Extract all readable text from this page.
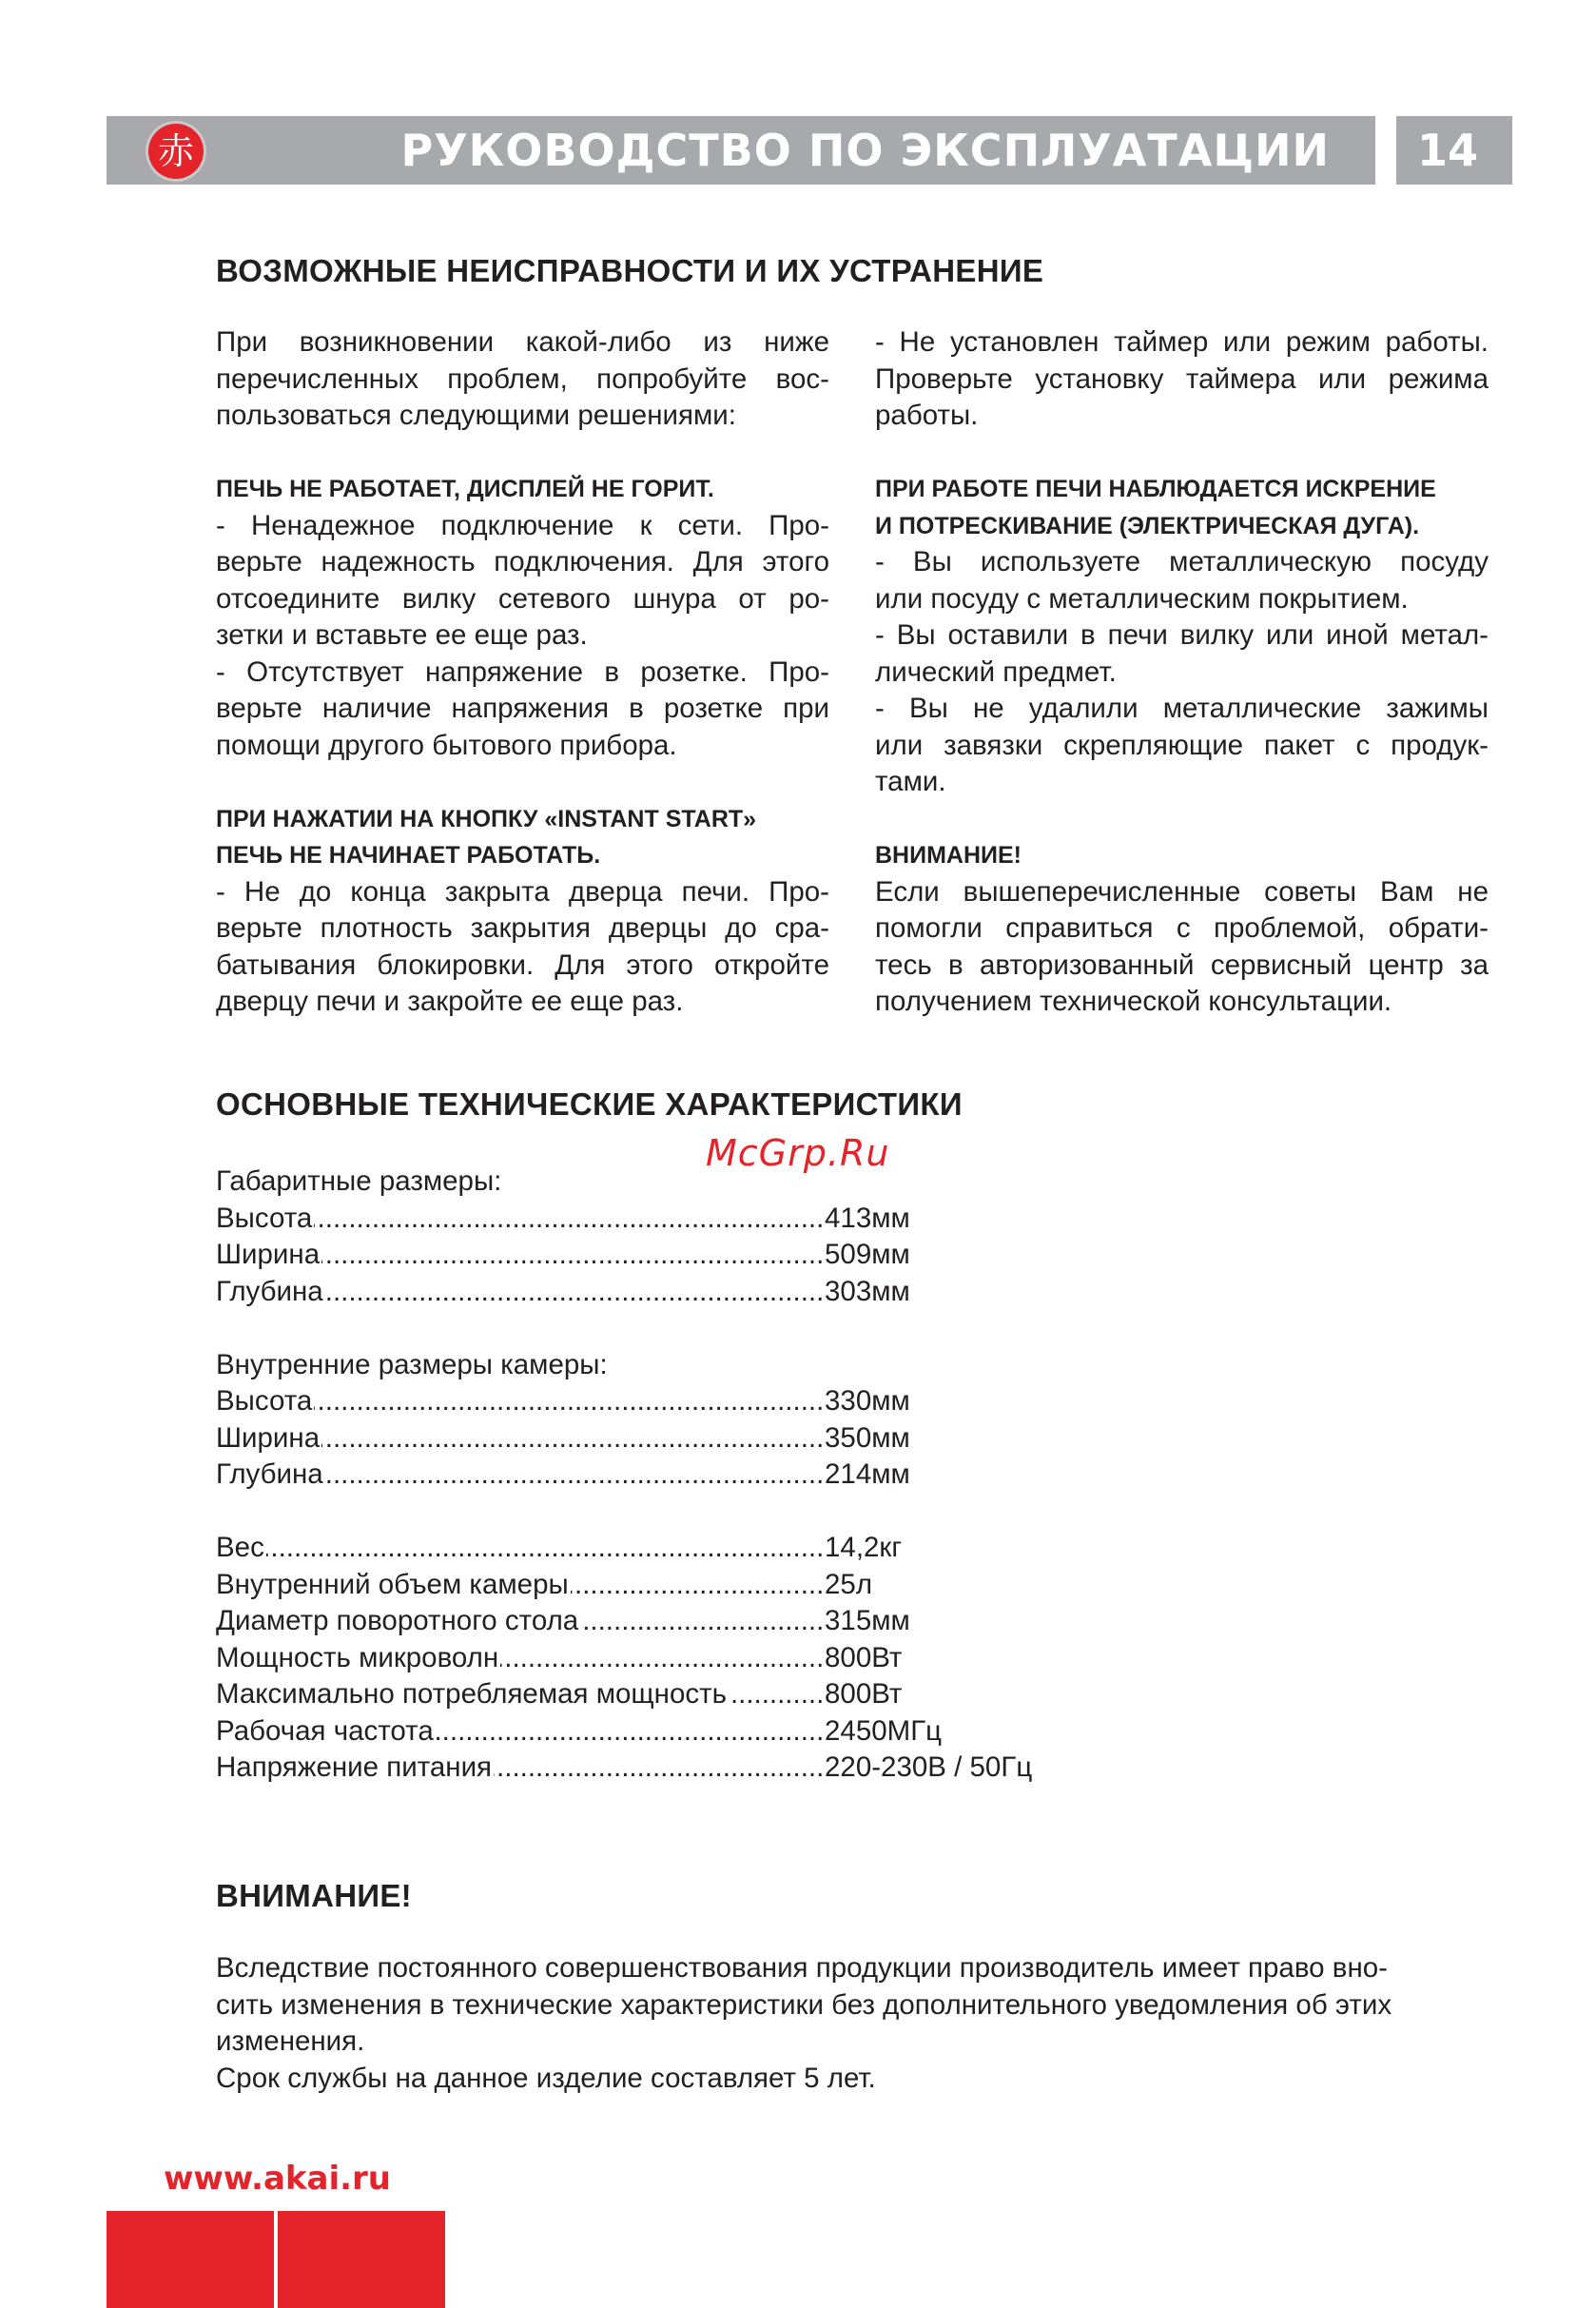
РУКОВОДСТВО ПО ЭКСПЛУАТАЦИИ
赤	14
ВОЗМОЖНЫЕ НЕИСПРАВНОСТИ И ИХ УСТРАНЕНИЕ

При возникновении какой-либо из ниже

перечисленных проблем, попробуйте вос-

пользоваться следующими решениями:

ПЕЧЬ НЕ РАБОТАЕТ, ДИСПЛЕЙ НЕ ГОРИТ.

- Ненадежное подключение к сети. Про-

верьте надежность подключения. Для этого

отсоедините вилку сетевого шнура от ро-

зетки и вставьте ее еще раз.

- Отсутствует напряжение в розетке. Про-

верьте наличие напряжения в розетке при

помощи другого бытового прибора.

ПРИ НАЖАТИИ НА КНОПКУ «INSTANT START»

ПЕЧЬ НЕ НАЧИНАЕТ РАБОТАТЬ.

- Не до конца закрыта дверца печи. Про-

верьте плотность закрытия дверцы до сра-

батывания блокировки. Для этого откройте

дверцу печи и закройте ее еще раз.

- Не установлен таймер или режим работы.

Проверьте установку таймера или режима

работы.

ПРИ РАБОТЕ ПЕЧИ НАБЛЮДАЕТСЯ ИСКРЕНИЕ

И ПОТРЕСКИВАНИЕ (ЭЛЕКТРИЧЕСКАЯ ДУГА).

- Вы используете металлическую посуду

или посуду с металлическим покрытием.

- Вы оставили в печи вилку или иной метал-

лический предмет.

- Вы не удалили металлические зажимы

или завязки скрепляющие пакет с продук-

тами.

ВНИМАНИЕ!

Если вышеперечисленные советы Вам не

помогли справиться с проблемой, обрати-

тесь в авторизованный сервисный центр за

получением технической консультации.

ОСНОВНЫЕ ТЕХНИЧЕСКИЕ ХАРАКТЕРИСТИКИ
McGrp.Ru
Габаритные размеры:
.....
Высота	413мм
.....
Ширина	509мм
.....
Глубина	303мм
Внутренние размеры камеры:
.....
Высота	330мм
.....
Ширина	350мм
.....
Глубина	214мм
.....
Вес	14,2кг
.....
Внутренний объем камеры	25л
.....
Диаметр поворотного стола	315мм
.....
Мощность микроволн	800Вт
.....
Максимально потребляемая мощность	800Вт
.....
Рабочая частота	2450МГц
.....
Напряжение питания	220-230В / 50Гц
ВНИМАНИЕ!

Вследствие постоянного совершенствования продукции производитель имеет право вно-

сить изменения в технические характеристики без дополнительного уведомления об этих

изменения.

Срок службы на данное изделие составляет 5 лет.

www.akai.ru
